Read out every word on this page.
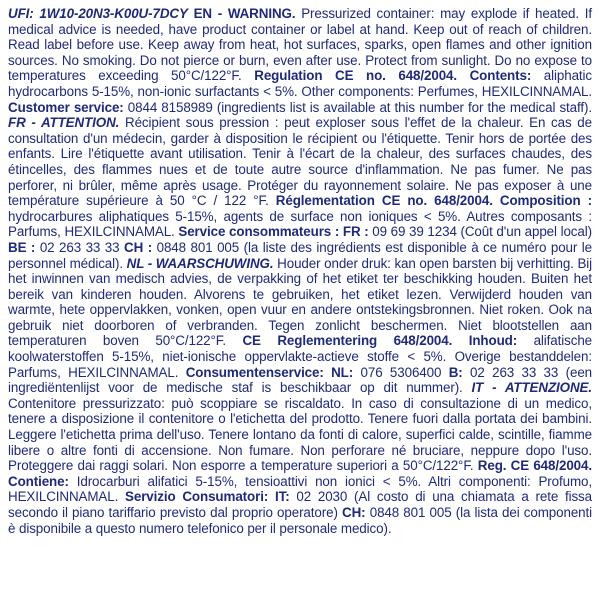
UFI: 1W10-20N3-K00U-7DCY EN - WARNING. Pressurized container: may explode if heated. If medical advice is needed, have product container or label at hand. Keep out of reach of children. Read label before use. Keep away from heat, hot surfaces, sparks, open flames and other ignition sources. No smoking. Do not pierce or burn, even after use. Protect from sunlight. Do no expose to temperatures exceeding 50°C/122°F. Regulation CE no. 648/2004. Contents: aliphatic hydrocarbons 5-15%, non-ionic surfactants < 5%. Other components: Perfumes, HEXILCINNAMAL. Customer service: 0844 8158989 (ingredients list is available at this number for the medical staff). FR - ATTENTION. Récipient sous pression : peut exploser sous l'effet de la chaleur. En cas de consultation d'un médecin, garder à disposition le récipient ou l'étiquette. Tenir hors de portée des enfants. Lire l'étiquette avant utilisation. Tenir à l'écart de la chaleur, des surfaces chaudes, des étincelles, des flammes nues et de toute autre source d'inflammation. Ne pas fumer. Ne pas perforer, ni brûler, même après usage. Protéger du rayonnement solaire. Ne pas exposer à une température supérieure à 50 °C / 122 °F. Réglementation CE no. 648/2004. Composition : hydrocarbures aliphatiques 5-15%, agents de surface non ioniques < 5%. Autres composants : Parfums, HEXILCINNAMAL. Service consommateurs : FR : 09 69 39 1234 (Coût d'un appel local) BE : 02 263 33 33 CH : 0848 801 005 (la liste des ingrédients est disponible à ce numéro pour le personnel médical). NL - WAARSCHUWING. Houder onder druk: kan open barsten bij verhitting. Bij het inwinnen van medisch advies, de verpakking of het etiket ter beschikking houden. Buiten het bereik van kinderen houden. Alvorens te gebruiken, het etiket lezen. Verwijderd houden van warmte, hete oppervlakken, vonken, open vuur en andere ontstekingsbronnen. Niet roken. Ook na gebruik niet doorboren of verbranden. Tegen zonlicht beschermen. Niet blootstellen aan temperaturen boven 50°C/122°F. CE Reglementering 648/2004. Inhoud: alifatische koolwaterstoffen 5-15%, niet-ionische oppervlakte-actieve stoffe < 5%. Overige bestanddelen: Parfums, HEXILCINNAMAL. Consumentenservice: NL: 076 5306400 B: 02 263 33 33 (een ingrediëntenlijst voor de medische staf is beschikbaar op dit nummer). IT - ATTENZIONE. Contenitore pressurizzato: può scoppiare se riscaldato. In caso di consultazione di un medico, tenere a disposizione il contenitore o l'etichetta del prodotto. Tenere fuori dalla portata dei bambini. Leggere l'etichetta prima dell'uso. Tenere lontano da fonti di calore, superfici calde, scintille, fiamme libere o altre fonti di accensione. Non fumare. Non perforare né bruciare, neppure dopo l'uso. Proteggere dai raggi solari. Non esporre a temperature superiori a 50°C/122°F. Reg. CE 648/2004. Contiene: Idrocarburi alifatici 5-15%, tensioattivi non ionici < 5%. Altri componenti: Profumo, HEXILCINNAMAL. Servizio Consumatori: IT: 02 2030 (Al costo di una chiamata a rete fissa secondo il piano tariffario previsto dal proprio operatore) CH: 0848 801 005 (la lista dei componenti è disponibile a questo numero telefonico per il personale medico).
